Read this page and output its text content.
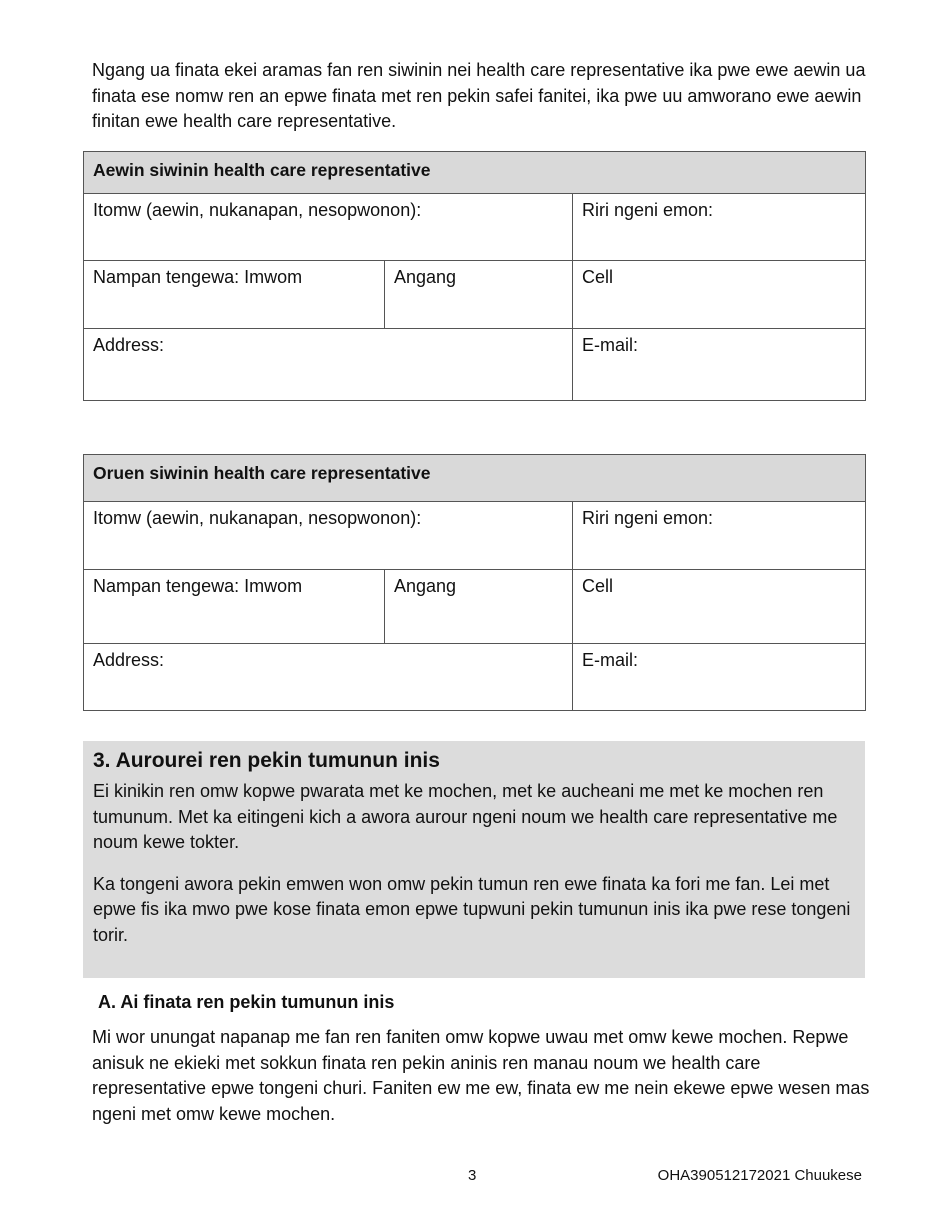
Ngang ua finata ekei aramas fan ren siwinin nei health care representative ika pwe ewe aewin ua finata ese nomw ren an epwe finata met ren pekin safei fanitei, ika pwe uu amworano ewe aewin finitan ewe health care representative.

Aewin siwinin health care representative		
Itomw (aewin, nukanapan, nesopwonon):		Riri ngeni emon:
Nampan tengewa: Imwom	Angang	Cell
Address:		E-mail:
Oruen siwinin health care representative		
Itomw (aewin, nukanapan, nesopwonon):		Riri ngeni emon:
Nampan tengewa: Imwom	Angang	Cell
Address:		E-mail:
3. Aurourei ren pekin tumunun inis

Ei kinikin ren omw kopwe pwarata met ke mochen, met ke aucheani me met ke mochen ren tumunum. Met ka eitingeni kich a awora aurour ngeni noum we health care representative me noum kewe tokter.

Ka tongeni awora pekin emwen won omw pekin tumun ren ewe finata ka fori me fan. Lei met epwe fis ika mwo pwe kose finata emon epwe tupwuni pekin tumunun inis ika pwe rese tongeni torir.

A. Ai finata ren pekin tumunun inis

Mi wor unungat napanap me fan ren faniten omw kopwe uwau met omw kewe mochen. Repwe anisuk ne ekieki met sokkun finata ren pekin aninis ren manau noum we health care representative epwe tongeni churi. Faniten ew me ew, finata ew me nein ekewe epwe wesen mas ngeni met omw kewe mochen.

3	OHA390512172021 Chuukese
